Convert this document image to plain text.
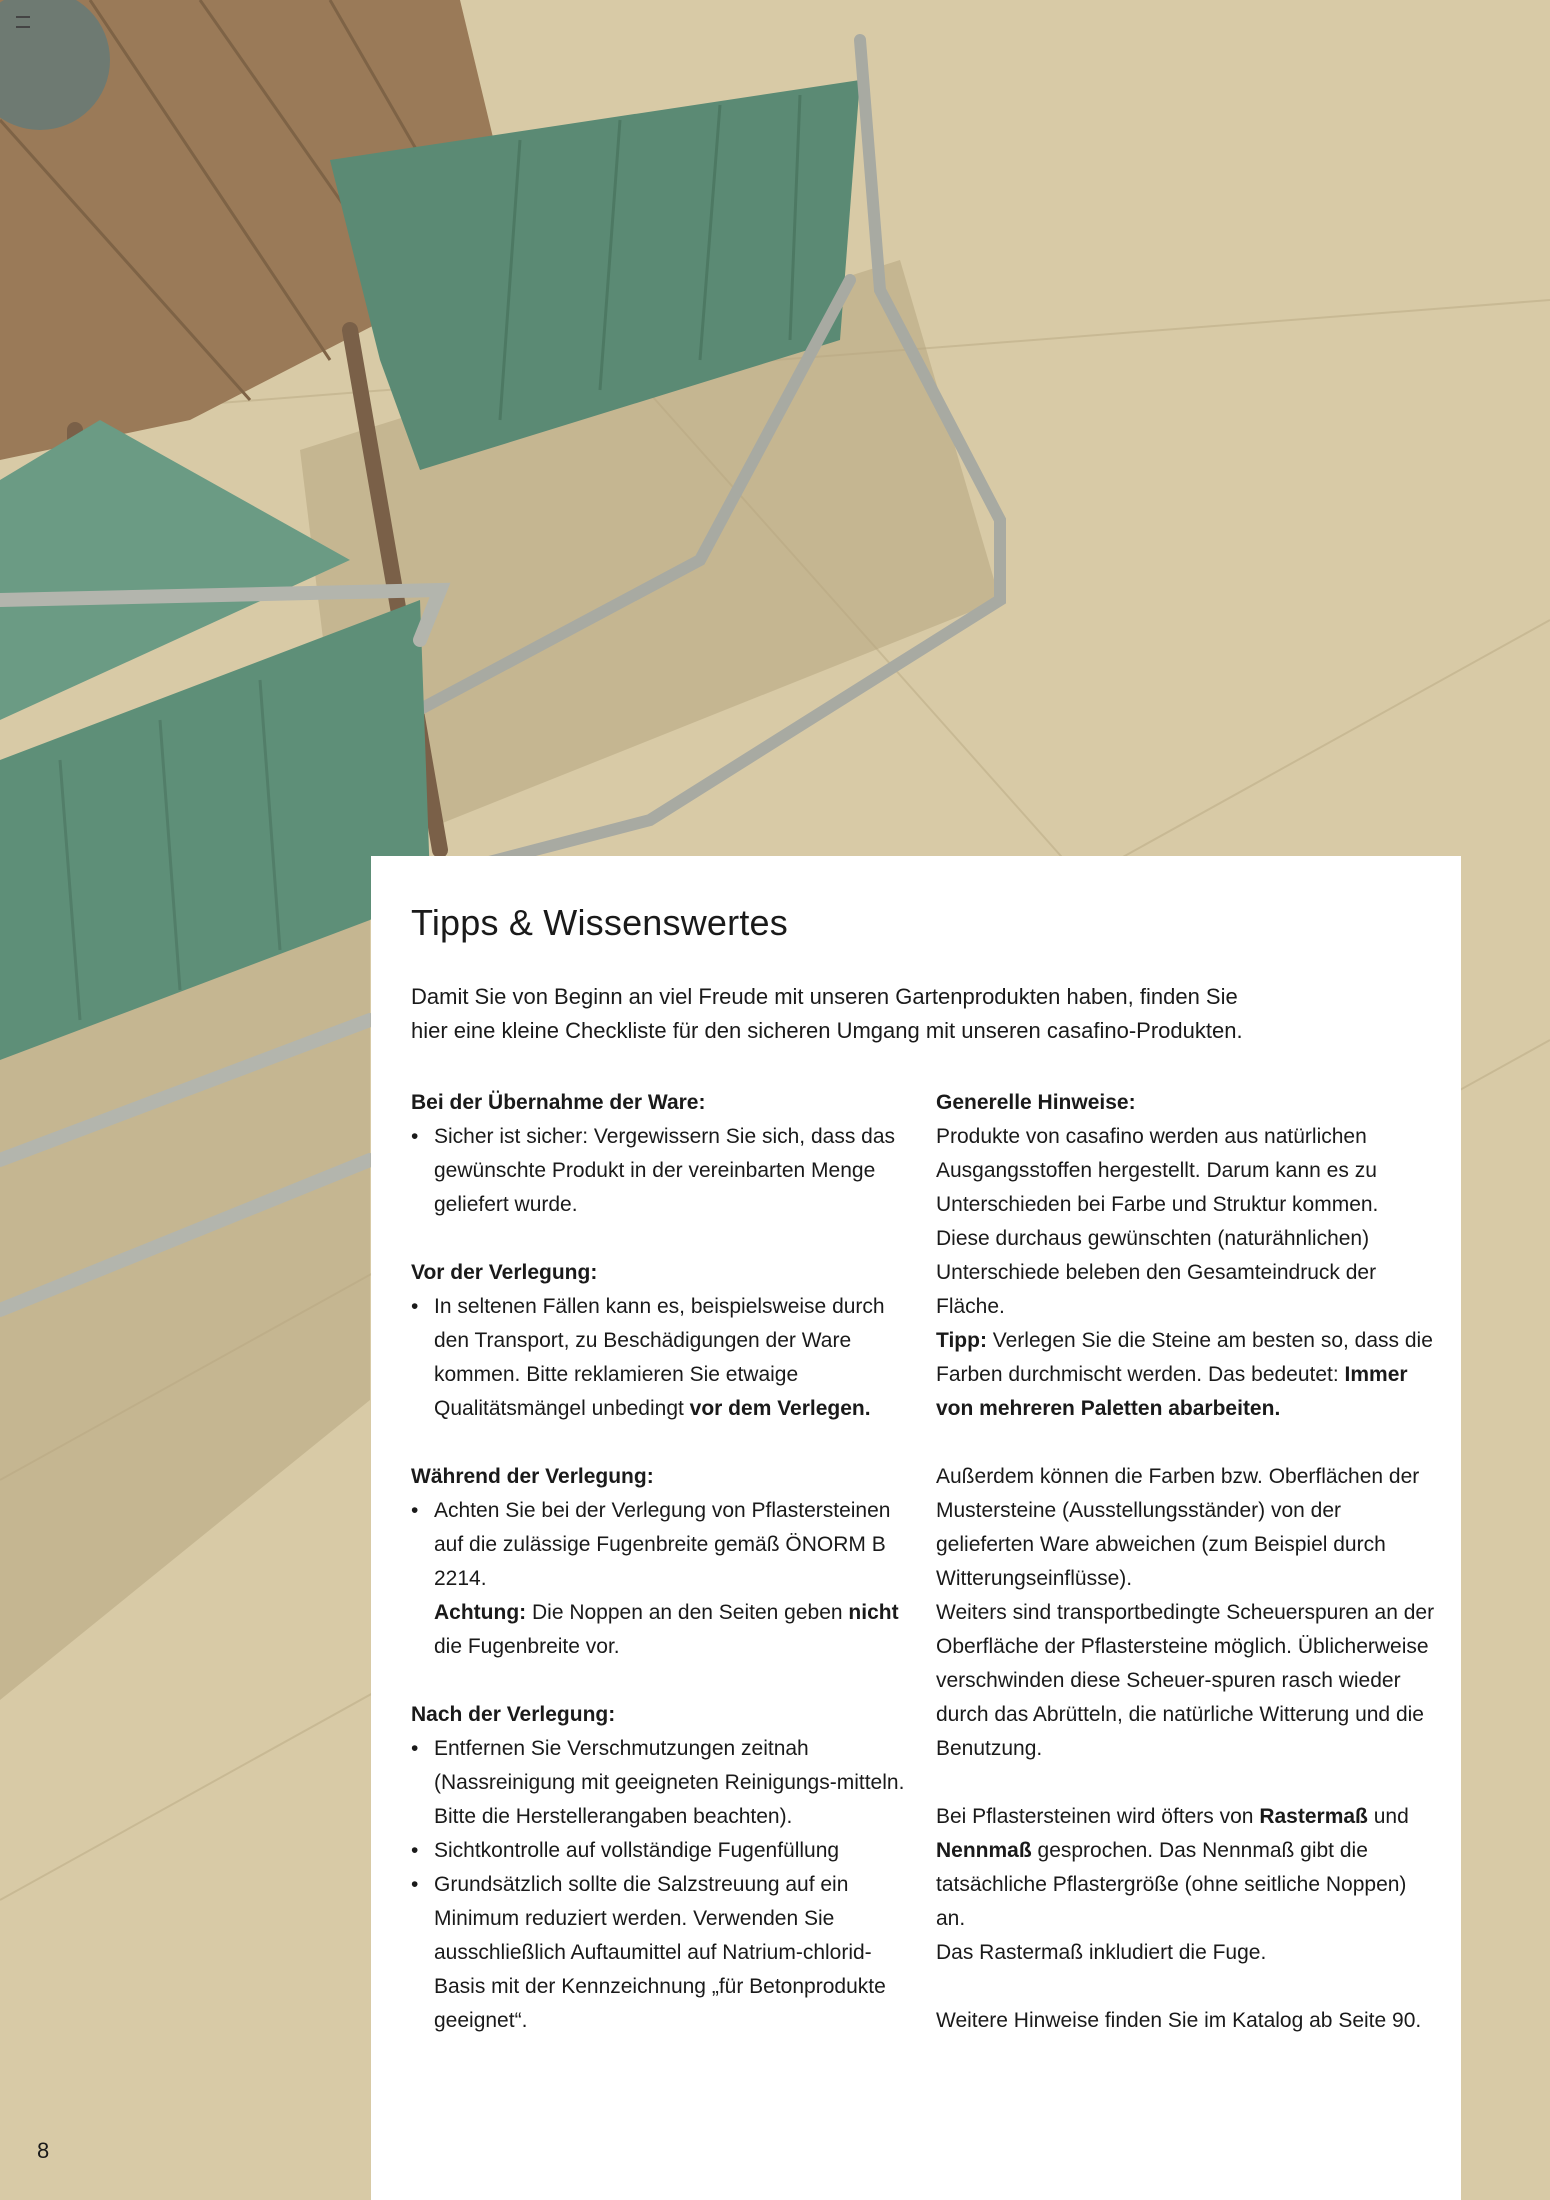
Tipps & Wissenswertes
Damit Sie von Beginn an viel Freude mit unseren Gartenprodukten haben, finden Sie
hier eine kleine Checkliste für den sicheren Umgang mit unseren casafino-Produkten.
Bei der Übernahme der Ware:
• Sicher ist sicher: Vergewissern Sie sich, dass das gewünschte Produkt in der vereinbarten Menge geliefert wurde.
Vor der Verlegung:
• In seltenen Fällen kann es, beispielsweise durch den Transport, zu Beschädigungen der Ware kommen. Bitte reklamieren Sie etwaige Qualitätsmängel unbedingt vor dem Verlegen.
Während der Verlegung:
• Achten Sie bei der Verlegung von Pflastersteinen auf die zulässige Fugenbreite gemäß ÖNORM B 2214.
Achtung: Die Noppen an den Seiten geben nicht die Fugenbreite vor.
Nach der Verlegung:
• Entfernen Sie Verschmutzungen zeitnah (Nassreinigung mit geeigneten Reinigungs-mitteln. Bitte die Herstellerangaben beachten).
• Sichtkontrolle auf vollständige Fugenfüllung
• Grundsätzlich sollte die Salzstreuung auf ein Minimum reduziert werden. Verwenden Sie ausschließlich Auftaumittel auf Natrium-chlorid-Basis mit der Kennzeichnung „für Betonprodukte geeignet“.
Generelle Hinweise:

Produkte von casafino werden aus natürlichen Ausgangsstoffen hergestellt. Darum kann es zu Unterschieden bei Farbe und Struktur kommen. Diese durchaus gewünschten (naturähnlichen) Unterschiede beleben den Gesamteindruck der Fläche.

Tipp: Verlegen Sie die Steine am besten so, dass die Farben durchmischt werden. Das bedeutet: Immer von mehreren Paletten abarbeiten.

Außerdem können die Farben bzw. Oberflächen der Mustersteine (Ausstellungsständer) von der gelieferten Ware abweichen (zum Beispiel durch Witterungseinflüsse).

Weiters sind transportbedingte Scheuerspuren an der Oberfläche der Pflastersteine möglich. Üblicherweise verschwinden diese Scheuer-spuren rasch wieder durch das Abrütteln, die natürliche Witterung und die Benutzung.

Bei Pflastersteinen wird öfters von Rastermaß und Nennmaß gesprochen. Das Nennmaß gibt die tatsächliche Pflastergröße (ohne seitliche Noppen) an.

Das Rastermaß inkludiert die Fuge.

Weitere Hinweise finden Sie im Katalog ab Seite 90.

8
